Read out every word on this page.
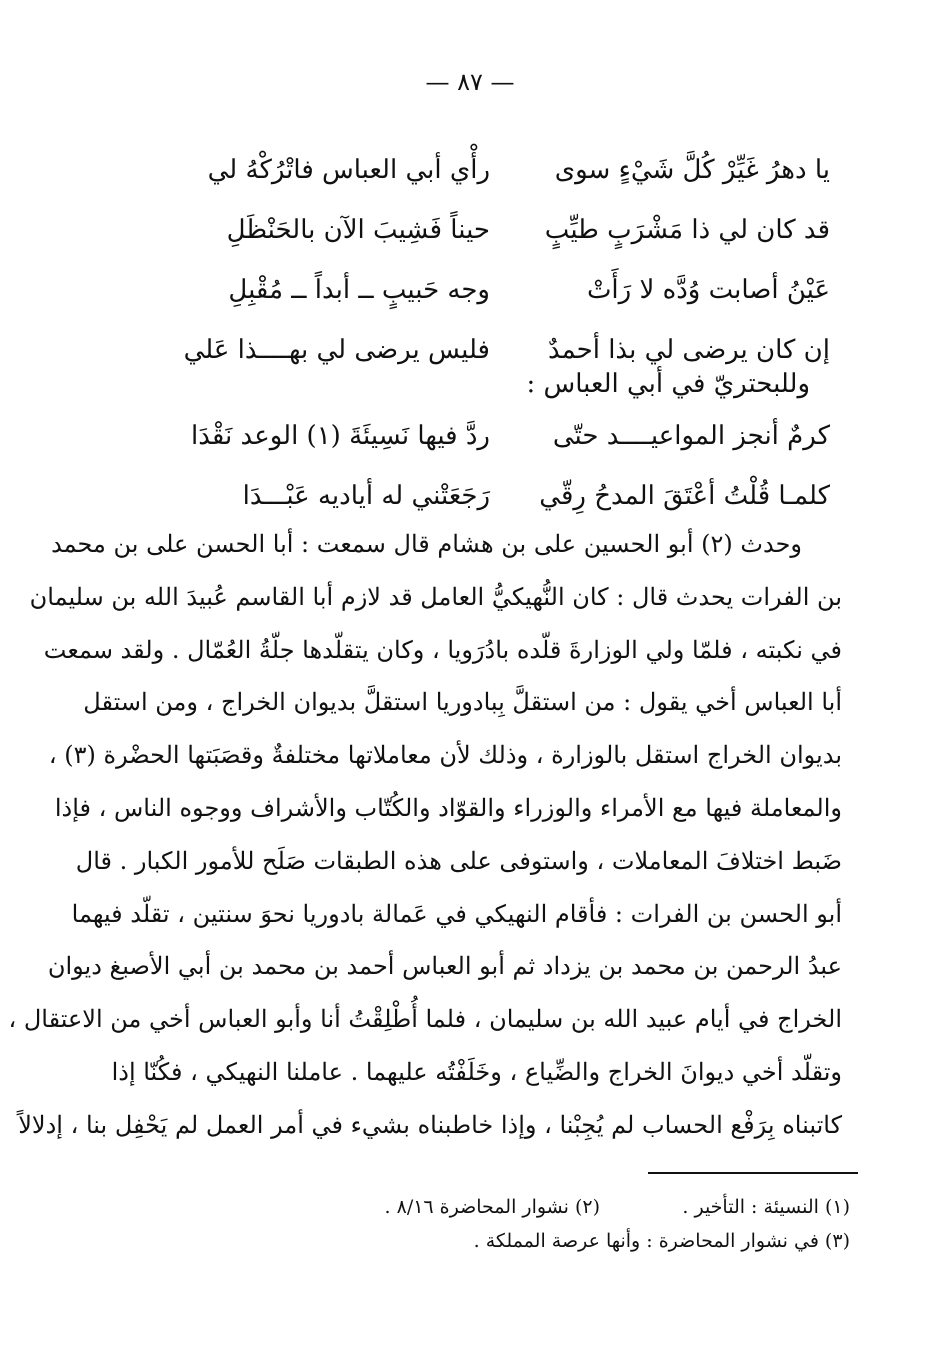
— ٨٧ —
يا دهرُ غَيِّرْ كُلَّ شَيْءٍ سوى
رأْي أبي العباس فاتْرُكْهُ لي
قد كان لي ذا مَشْرَبٍ طيِّبٍ
حيناً فَشِيبَ الآن بالحَنْظَلِ
عَيْنُ أصابت وُدَّه لا رَأَتْ
وجه حَبيبٍ ــ أبداً ــ مُقْبِلِ
إن كان يرضى لي بذا أحمدٌ
فليس يرضى لي بهــــذا عَلي
وللبحتريّ في أبي العباس :
كرمٌ أنجز المواعيــــد حتّى
ردَّ فيها نَسِيئَةَ (١) الوعد نَقْدَا
كلمـا قُلْتُ أعْتَقَ المدحُ رِقّي
رَجَعَتْني له أياديه عَبْـــدَا
وحدث (٢) أبو الحسين على بن هشام قال سمعت : أبا الحسن على بن محمد
بن الفرات يحدث قال : كان النُّهيكيُّ العامل قد لازم أبا القاسم عُبيدَ الله بن سليمان
في نكبته ، فلمّا ولي الوزارةَ قلّده بادُرَويا ، وكان يتقلّدها جلّةُ العُمّال . ولقد سمعت
أبا العباس أخي يقول : من استقلَّ بِبادوريا استقلَّ بديوان الخراج ، ومن استقل
بديوان الخراج استقل بالوزارة ، وذلك لأن معاملاتها مختلفةٌ وقصَبَتها الحضْرة (٣) ،
والمعاملة فيها مع الأمراء والوزراء والقوّاد والكُتّاب والأشراف ووجوه الناس ، فإذا
ضَبط اختلافَ المعاملات ، واستوفى على هذه الطبقات صَلَح للأمور الكبار . قال
أبو الحسن بن الفرات : فأقام النهيكي في عَمالة بادوريا نحوَ سنتين ، تقلّد فيهما
عبدُ الرحمن بن محمد بن يزداد ثم أبو العباس أحمد بن محمد بن أبي الأصبغ ديوان
الخراج في أيام عبيد الله بن سليمان ، فلما أُطْلِقْتُ أنا وأبو العباس أخي من الاعتقال ،
وتقلّد أخي ديوانَ الخراج والضِّياع ، وخَلَفْتُه عليهما . عاملنا النهيكي ، فكُنّا إذا
كاتبناه بِرَفْع الحساب لم يُجِبْنا ، وإذا خاطبناه بشيء في أمر العمل لم يَحْفِل بنا ، إدلالاً
(١) النسيئة : التأخير .
(٢) نشوار المحاضرة ٨/١٦ .
(٣) في نشوار المحاضرة : وأنها عرصة المملكة .
